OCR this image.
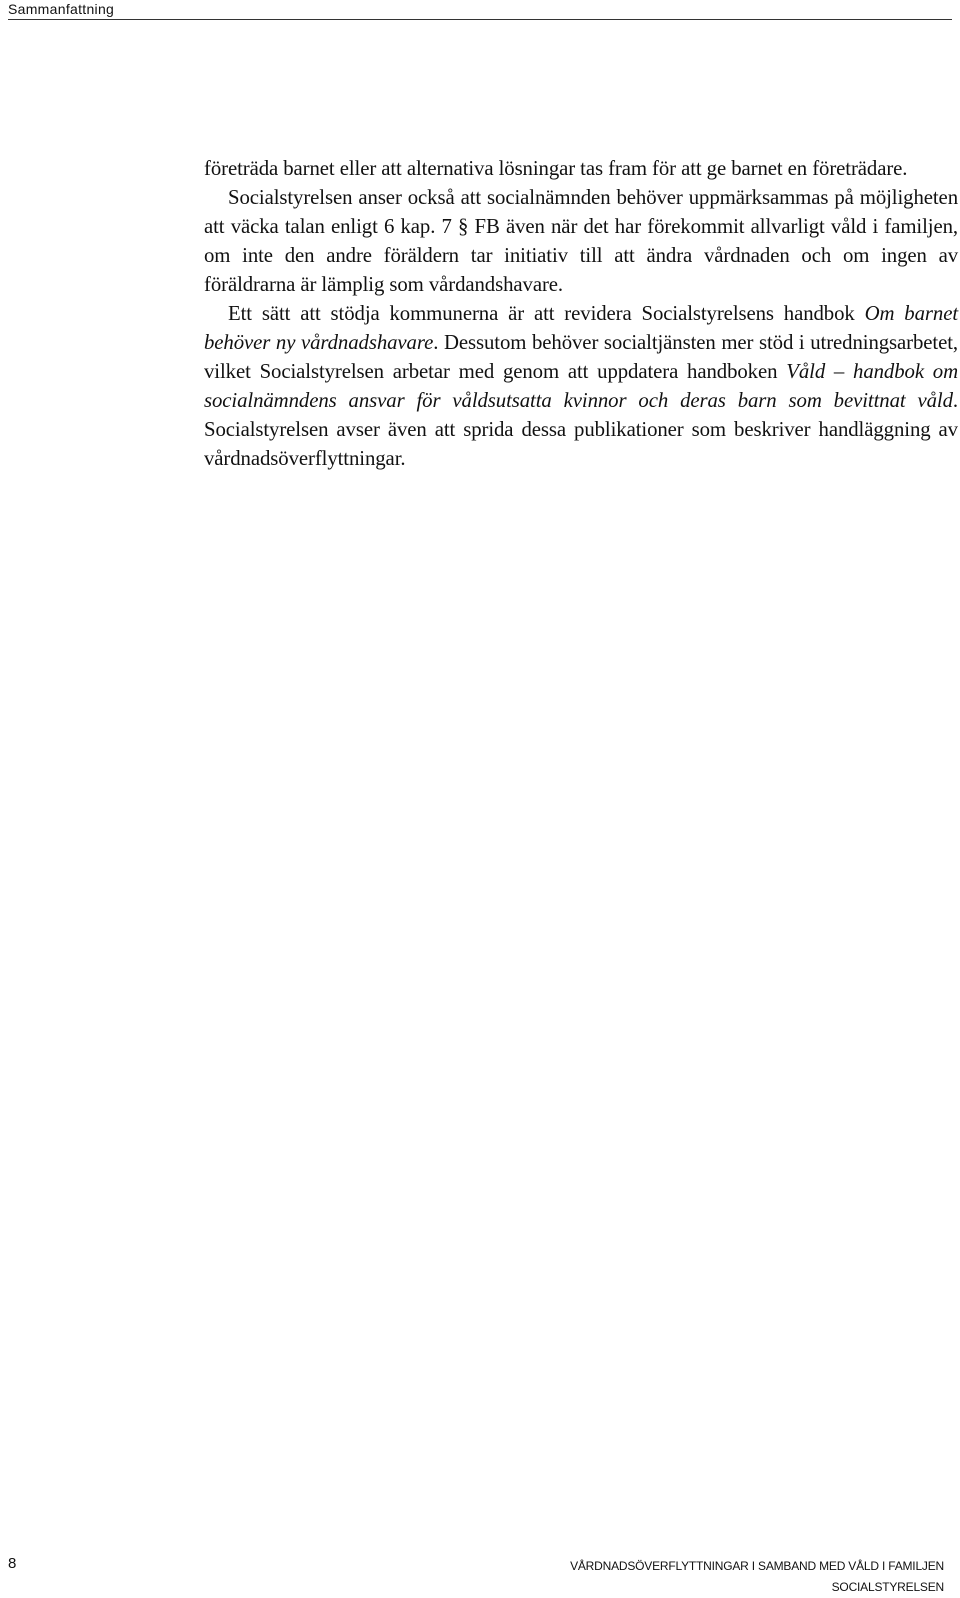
Sammanfattning

företräda barnet eller att alternativa lösningar tas fram för att ge barnet en företrädare.

Socialstyrelsen anser också att socialnämnden behöver uppmärksammas på möjligheten att väcka talan enligt 6 kap. 7 § FB även när det har förekommit allvarligt våld i familjen, om inte den andre föräldern tar initiativ till att ändra vårdnaden och om ingen av föräldrarna är lämplig som vårdandshavare.

Ett sätt att stödja kommunerna är att revidera Socialstyrelsens handbok Om barnet behöver ny vårdnadshavare. Dessutom behöver socialtjänsten mer stöd i utredningsarbetet, vilket Socialstyrelsen arbetar med genom att uppdatera handboken Våld – handbok om socialnämndens ansvar för våldsutsatta kvinnor och deras barn som bevittnat våld. Socialstyrelsen avser även att sprida dessa publikationer som beskriver handläggning av vårdnadsöverflyttningar.

8	VÅRDNADSÖVERFLYTTNINGAR I SAMBAND MED VÅLD I FAMILJEN
SOCIALSTYRELSEN
